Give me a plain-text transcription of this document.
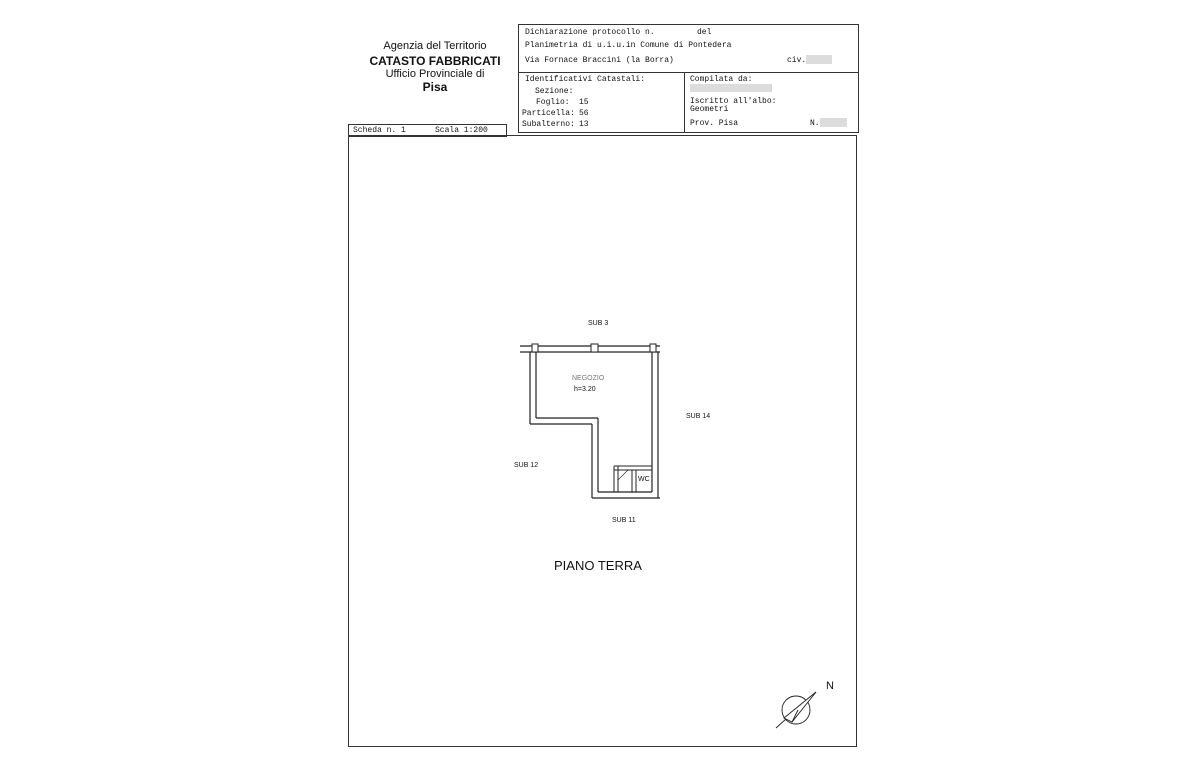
Agenzia del Territorio
CATASTO FABBRICATI
Ufficio Provinciale di
Pisa
Dichiarazione protocollo n.	del
Planimetria di u.i.u.in Comune di Pontedera
Via Fornace Braccini (la Borra)	civ.
Identificativi Catastali:
Sezione:
Foglio: 15
Particella: 56
Subalterno: 13
Compilata da:
Iscritto all'albo:
Geometri
Prov. Pisa	N.
Scheda n. 1	Scala 1:200
NEGOZIO
h=3.20
WC
SUB 3
SUB 14
SUB 12
SUB 11
PIANO TERRA
N
